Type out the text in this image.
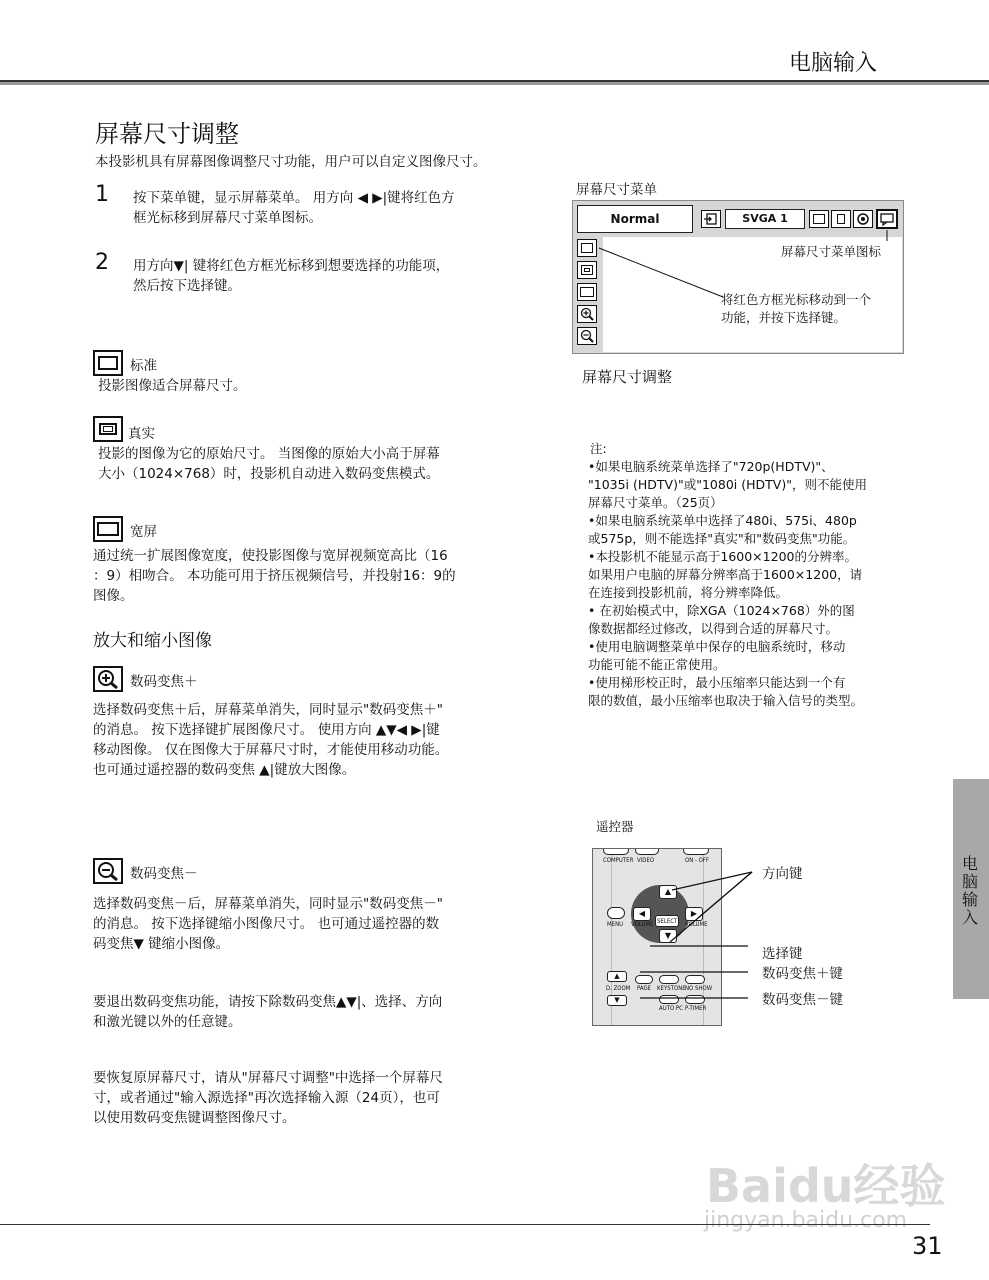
电脑输入
屏幕尺寸调整
本投影机具有屏幕图像调整尺寸功能，用户可以自定义图像尺寸。
1 按下菜单键，显示屏幕菜单。 用方向 ◀ ▶|键将红色方
框光标移到屏幕尺寸菜单图标。
2 用方向▼| 键将红色方框光标移到想要选择的功能项，
然后按下选择键。
标准
投影图像适合屏幕尺寸。
真实
投影的图像为它的原始尺寸。 当图像的原始大小高于屏幕
大小（1024×768）时，投影机自动进入数码变焦模式。
宽屏
通过统一扩展图像宽度，使投影图像与宽屏视频宽高比（16
：9）相吻合。 本功能可用于挤压视频信号，并投射16：9的
图像。
放大和缩小图像
数码变焦＋
选择数码变焦＋后，屏幕菜单消失，同时显示"数码变焦＋"
的消息。 按下选择键扩展图像尺寸。 使用方向 ▲▼◀ ▶|键
移动图像。 仅在图像大于屏幕尺寸时，才能使用移动功能。
也可通过遥控器的数码变焦 ▲|键放大图像。
数码变焦－
选择数码变焦－后，屏幕菜单消失，同时显示"数码变焦－"
的消息。 按下选择键缩小图像尺寸。 也可通过遥控器的数
码变焦▼ 键缩小图像。
要退出数码变焦功能，请按下除数码变焦▲▼|、选择、方向
和激光键以外的任意键。
要恢复原屏幕尺寸，请从"屏幕尺寸调整"中选择一个屏幕尺
寸，或者通过"输入源选择"再次选择输入源（24页），也可
以使用数码变焦键调整图像尺寸。
屏幕尺寸菜单
Normal	SVGA 1
屏幕尺寸菜单图标
将红色方框光标移动到一个
功能，并按下选择键。
屏幕尺寸调整
注:
•如果电脑系统菜单选择了"720p(HDTV)"、
"1035i (HDTV)"或"1080i (HDTV)"，则不能使用
屏幕尺寸菜单。（25页）
•如果电脑系统菜单中选择了480i、575i、480p
或575p，则不能选择"真实"和"数码变焦"功能。
•本投影机不能显示高于1600×1200的分辨率。
如果用户电脑的屏幕分辨率高于1600×1200，请
在连接到投影机前，将分辨率降低。
• 在初始模式中，除XGA（1024×768）外的图
像数据都经过修改，以得到合适的屏幕尺寸。
•使用电脑调整菜单中保存的电脑系统时，移动
功能可能不能正常使用。
•使用梯形校正时，最小压缩率只能达到一个有
限的数值，最小压缩率也取决于输入信号的类型。
遥控器
COMPUTER VIDEO	ON - OFF
▲
▼
◀	▶
SELECT
MENU VOLUME	VOLUME
▲
▼
D. ZOOM PAGE KEYSTONE NO SHOW
AUTO PC P-TIMER
方向键
选择键
数码变焦＋键
数码变焦－键
电
脑
输
入
Baidu经验
jingyan.baidu.com
31
